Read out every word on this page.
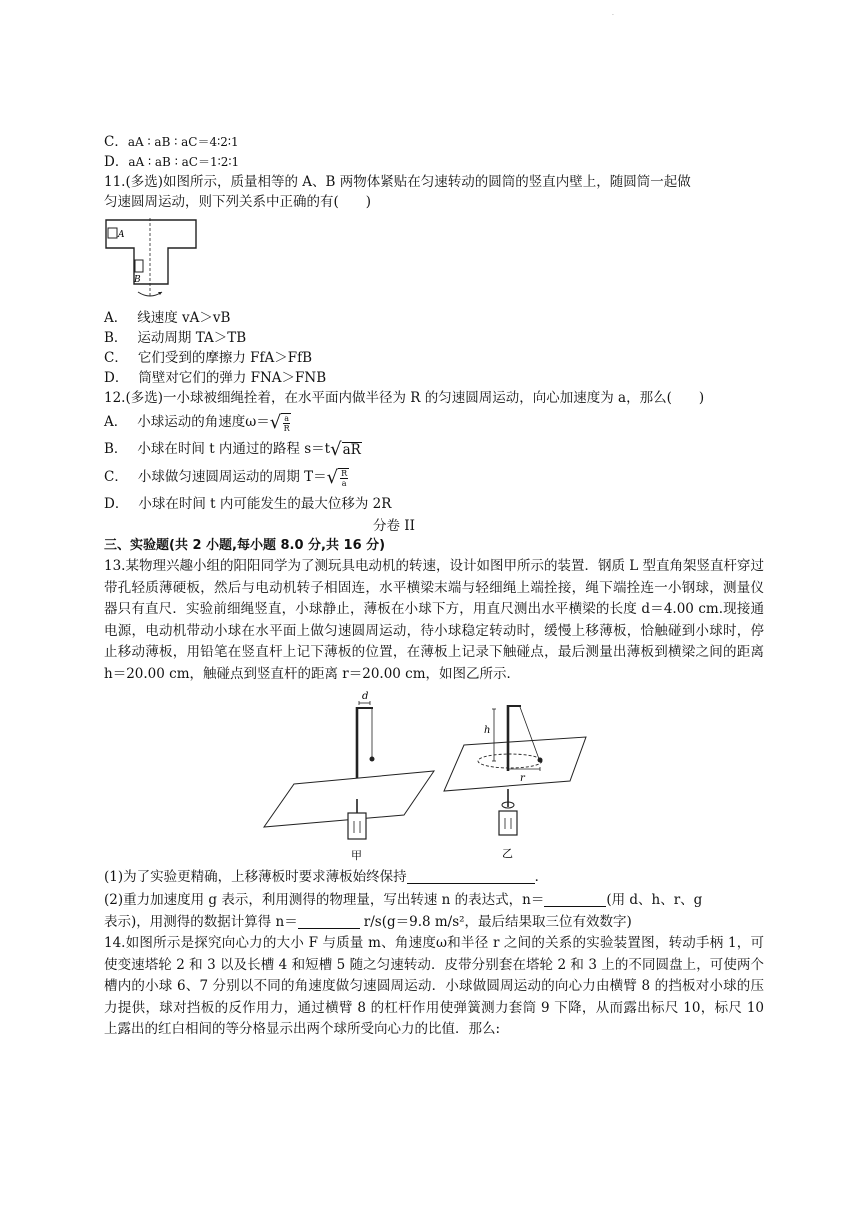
·
C．aA ∶ aB ∶ aC＝4∶2∶1
D．aA ∶ aB ∶ aC＝1∶2∶1
11.(多选)如图所示，质量相等的 A、B 两物体紧贴在匀速转动的圆筒的竖直内壁上，随圆筒一起做
匀速圆周运动，则下列关系中正确的有(　　)
A
B
A． 线速度 vA＞vB
B． 运动周期 TA＞TB
C． 它们受到的摩擦力 FfA＞FfB
D． 筒壁对它们的弹力 FNA＞FNB
12.(多选)一小球被细绳拴着，在水平面内做半径为 R 的匀速圆周运动，向心加速度为 a，那么(　　)
A． 小球运动的角速度ω＝ √ $\frac{a}{R}$
B． 小球在时间 t 内通过的路程 s＝t √ aR
C． 小球做匀速圆周运动的周期 T＝ √ $\frac{R}{a}$
D． 小球在时间 t 内可能发生的最大位移为 2R
分卷 II
三、实验题(共 2 小题,每小题 8.0 分,共 16 分)
13.某物理兴趣小组的阳阳同学为了测玩具电动机的转速，设计如图甲所示的装置．钢质 L 型直角架竖直杆穿过带孔轻质薄硬板，然后与电动机转子相固连，水平横梁末端与轻细绳上端拴接，绳下端拴连一小钢球，测量仪器只有直尺．实验前细绳竖直，小球静止，薄板在小球下方，用直尺测出水平横梁的长度 d＝4.00 cm.现接通电源，电动机带动小球在水平面上做匀速圆周运动，待小球稳定转动时，缓慢上移薄板，恰触碰到小球时，停止移动薄板，用铅笔在竖直杆上记下薄板的位置，在薄板上记录下触碰点，最后测量出薄板到横梁之间的距离 h＝20.00 cm，触碰点到竖直杆的距离 r＝20.00 cm，如图乙所示．
d
甲
h
r
乙
(1)为了实验更精确，上移薄板时要求薄板始终保持	．
(2)重力加速度用 g 表示，利用测得的物理量，写出转速 n 的表达式，n＝	(用 d、h、r、g
表示)，用测得的数据计算得 n＝	r/s(g＝9.8 m/s²，最后结果取三位有效数字)
14.如图所示是探究向心力的大小 F 与质量 m、角速度ω和半径 r 之间的关系的实验装置图，转动手柄 1，可使变速塔轮 2 和 3 以及长槽 4 和短槽 5 随之匀速转动．皮带分别套在塔轮 2 和 3 上的不同圆盘上，可使两个槽内的小球 6、7 分别以不同的角速度做匀速圆周运动．小球做圆周运动的向心力由横臂 8 的挡板对小球的压力提供，球对挡板的反作用力，通过横臂 8 的杠杆作用使弹簧测力套筒 9 下降，从而露出标尺 10，标尺 10 上露出的红白相间的等分格显示出两个球所受向心力的比值．那么:
